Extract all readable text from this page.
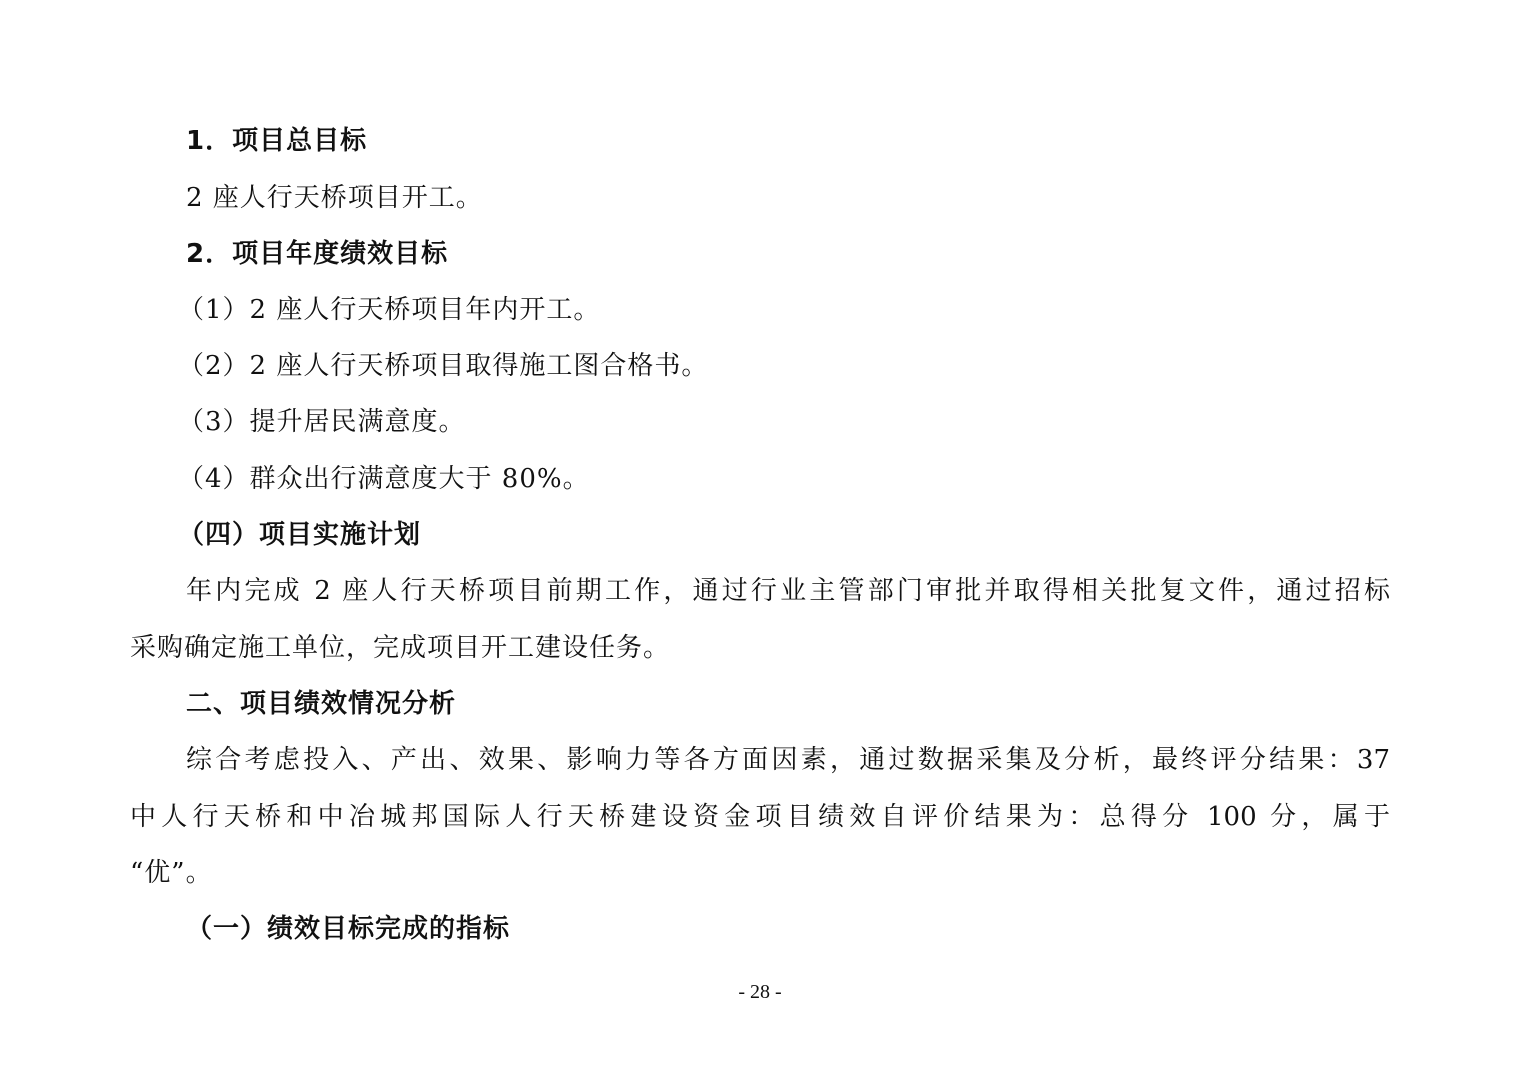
1．项目总目标
2 座人行天桥项目开工。
2．项目年度绩效目标
（1）2 座人行天桥项目年内开工。
（2）2 座人行天桥项目取得施工图合格书。
（3）提升居民满意度。
（4）群众出行满意度大于 80%。
（四）项目实施计划
年内完成 2 座人行天桥项目前期工作，通过行业主管部门审批并取得相关批复文件，通过招标
采购确定施工单位，完成项目开工建设任务。
二、项目绩效情况分析
综合考虑投入、产出、效果、影响力等各方面因素，通过数据采集及分析，最终评分结果：37
中人行天桥和中冶城邦国际人行天桥建设资金项目绩效自评价结果为：总得分 100 分，属于
“优”。
（一）绩效目标完成的指标
- 28 -
